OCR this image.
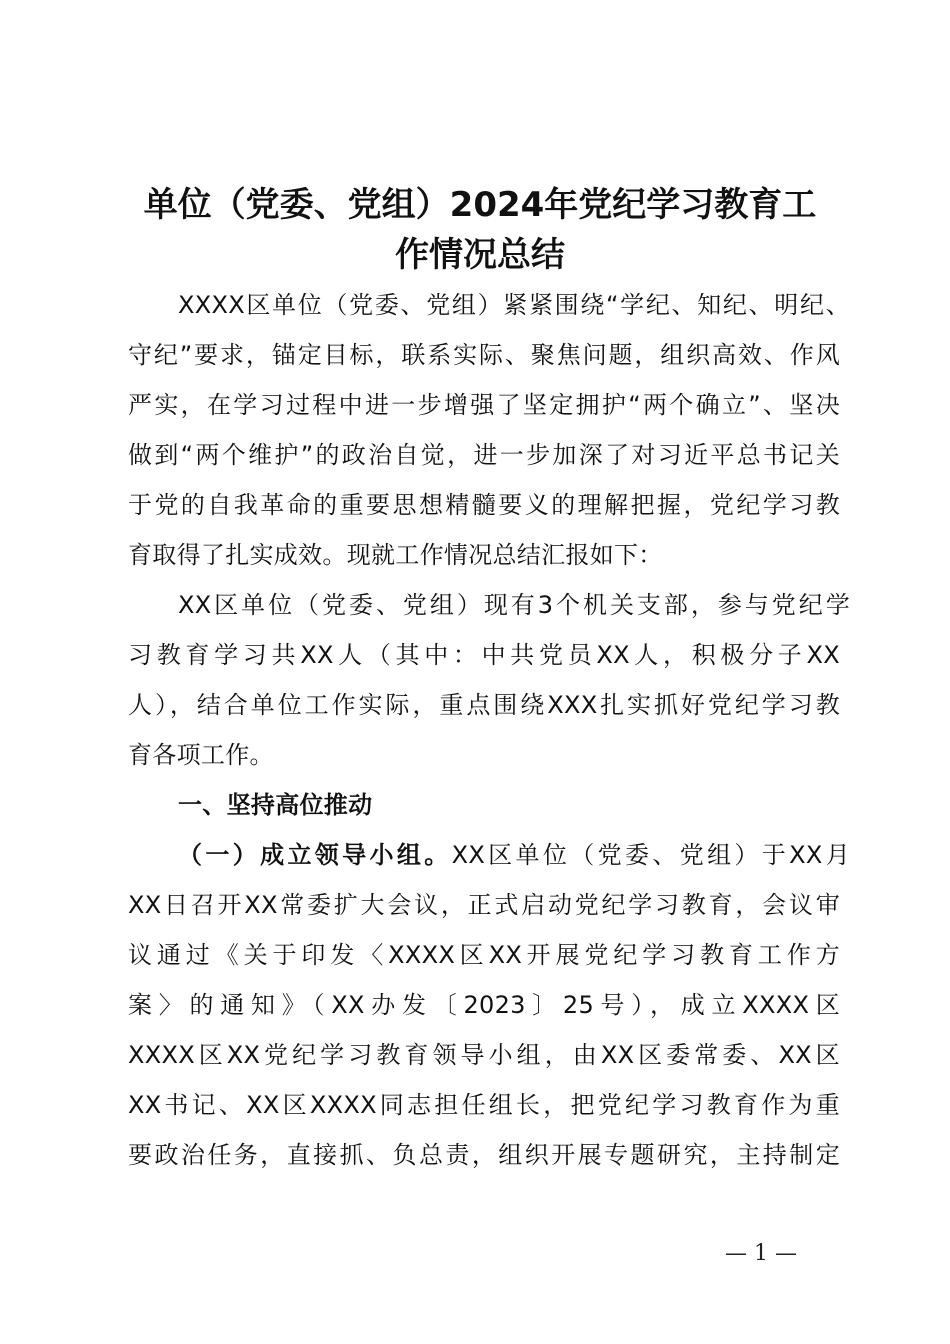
单位（党委、党组）2024年党纪学习教育工
作情况总结
XXXX区单位（党委、党组）紧紧围绕“学纪、知纪、明纪、
守纪”要求，锚定目标，联系实际、聚焦问题，组织高效、作风
严实，在学习过程中进一步增强了坚定拥护“两个确立”、坚决
做到“两个维护”的政治自觉，进一步加深了对习近平总书记关
于党的自我革命的重要思想精髓要义的理解把握，党纪学习教
育取得了扎实成效。现就工作情况总结汇报如下：
XX区单位（党委、党组）现有3个机关支部，参与党纪学
习教育学习共XX人（其中：中共党员XX人，积极分子XX
人），结合单位工作实际，重点围绕XXX扎实抓好党纪学习教
育各项工作。
一、坚持高位推动
（一）成立领导小组。XX区单位（党委、党组）于XX月
XX日召开XX常委扩大会议，正式启动党纪学习教育，会议审
议通过《关于印发〈XXXX区XX开展党纪学习教育工作方
案〉的通知》（XX办发〔2023〕25号），成立XXXX区
XXXX区XX党纪学习教育领导小组，由XX区委常委、XX区
XX书记、XX区XXXX同志担任组长，把党纪学习教育作为重
要政治任务，直接抓、负总责，组织开展专题研究，主持制定
— 1 —
